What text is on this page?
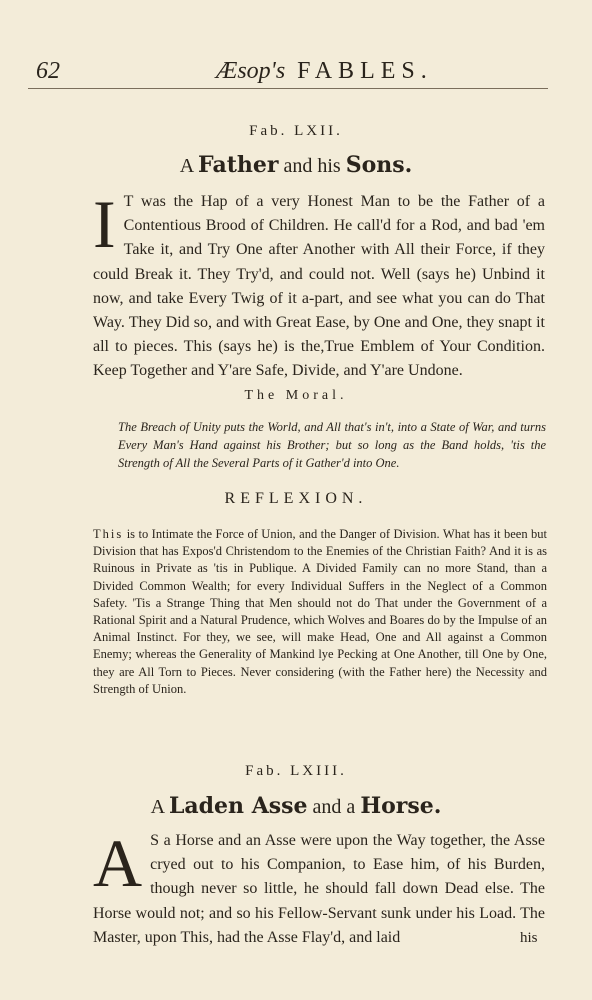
62	Æsop's FABLES.
Fab. LXII.
A Father and his Sons.

I T was the Hap of a very Honest Man to be the Father of a Contentious Brood of Children. He call'd for a Rod, and bad 'em Take it, and Try One after Another with All their Force, if they could Break it. They Try'd, and could not. Well (says he) Unbind it now, and take Every Twig of it a-part, and see what you can do That Way. They Did so, and with Great Ease, by One and One, they snapt it all to pieces. This (says he) is the,True Emblem of Your Condition. Keep Together and Y'are Safe, Divide, and Y'are Undone.

The Moral.

The Breach of Unity puts the World, and All that's in't, into a State of War, and turns Every Man's Hand against his Brother; but so long as the Band holds, 'tis the Strength of All the Several Parts of it Gather'd into One.

REFLEXION.

This is to Intimate the Force of Union, and the Danger of Division. What has it been but Division that has Expos'd Christendom to the Enemies of the Christian Faith? And it is as Ruinous in Private as 'tis in Publique. A Divided Family can no more Stand, than a Divided Common Wealth; for every Individual Suffers in the Neglect of a Common Safety. 'Tis a Strange Thing that Men should not do That under the Government of a Rational Spirit and a Natural Prudence, which Wolves and Boares do by the Impulse of an Animal Instinct. For they, we see, will make Head, One and All against a Common Enemy; whereas the Generality of Mankind lye Pecking at One Another, till One by One, they are All Torn to Pieces. Never considering (with the Father here) the Necessity and Strength of Union.

Fab. LXIII.
A Laden Asse and a Horse.

A S a Horse and an Asse were upon the Way together, the Asse cryed out to his Companion, to Ease him, of his Burden, though never so little, he should fall down Dead else. The Horse would not; and so his Fellow-Servant sunk under his Load. The Master, upon This, had the Asse Flay'd, and laid	his
